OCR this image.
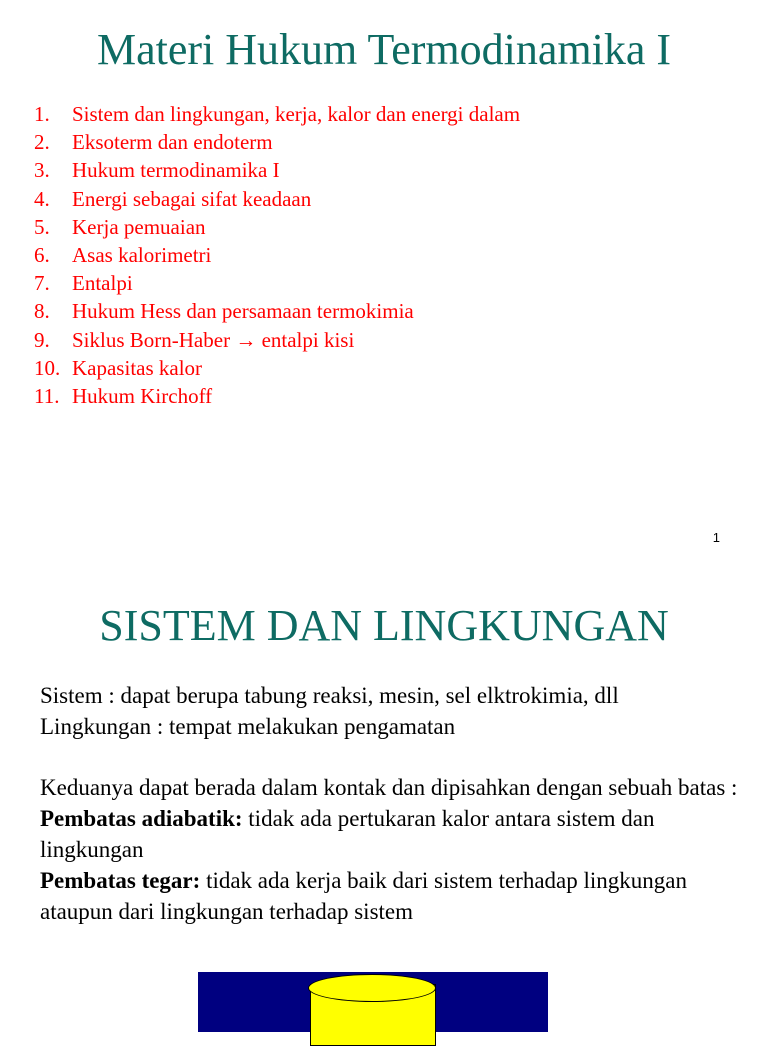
Materi Hukum Termodinamika I
1. Sistem dan lingkungan, kerja, kalor dan energi dalam
2. Eksoterm dan endoterm
3. Hukum termodinamika I
4. Energi sebagai sifat keadaan
5. Kerja pemuaian
6. Asas kalorimetri
7. Entalpi
8. Hukum Hess dan persamaan termokimia
9. Siklus Born-Haber → entalpi kisi
10. Kapasitas kalor
11. Hukum Kirchoff
1
SISTEM DAN LINGKUNGAN

Sistem : dapat berupa tabung reaksi, mesin, sel elktrokimia, dll

Lingkungan : tempat melakukan pengamatan

Keduanya dapat berada dalam kontak dan dipisahkan dengan sebuah batas :

Pembatas adiabatik: tidak ada pertukaran kalor antara sistem dan lingkungan

Pembatas tegar: tidak ada kerja baik dari sistem terhadap lingkungan ataupun dari lingkungan terhadap sistem
